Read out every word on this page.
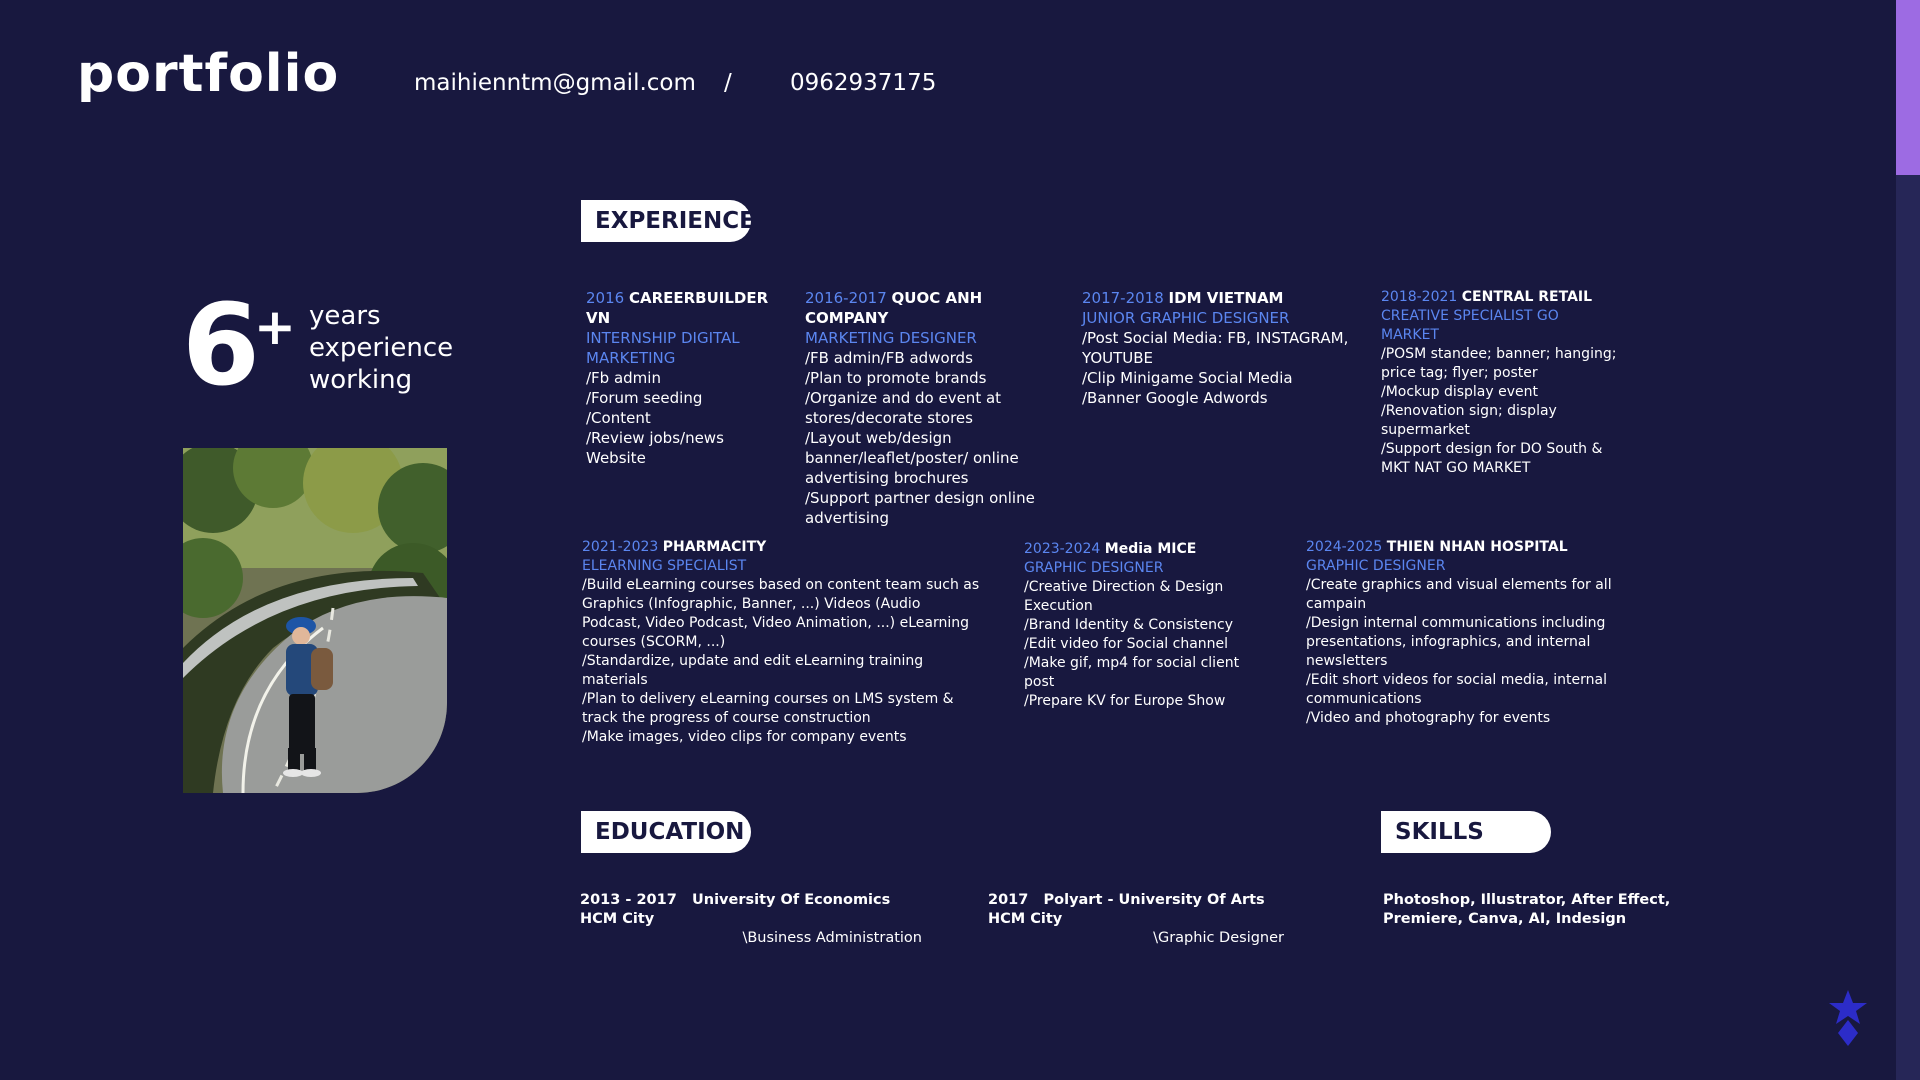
portfolio	maihienntm@gmail.com /	0962937175
6
+ years
experience
working
EXPERIENCE
2016 CAREERBUILDER VN
INTERNSHIP DIGITAL MARKETING
/Fb admin
/Forum seeding
/Content
/Review jobs/news Website
2016-2017 QUOC ANH COMPANY
MARKETING DESIGNER
/FB admin/FB adwords
/Plan to promote brands
/Organize and do event at stores/decorate stores
/Layout web/design banner/leaflet/poster/ online advertising brochures
/Support partner design online advertising
2017-2018 IDM VIETNAM
JUNIOR GRAPHIC DESIGNER
/Post Social Media: FB, INSTAGRAM, YOUTUBE
/Clip Minigame Social Media
/Banner Google Adwords
2018-2021 CENTRAL RETAIL
CREATIVE SPECIALIST GO MARKET
/POSM standee; banner; hanging; price tag; flyer; poster
/Mockup display event
/Renovation sign; display supermarket
/Support design for DO South & MKT NAT GO MARKET
2021-2023 PHARMACITY
ELEARNING SPECIALIST
/Build eLearning courses based on content team such as Graphics (Infographic, Banner, ...) Videos (Audio Podcast, Video Podcast, Video Animation, ...) eLearning courses (SCORM, ...)
/Standardize, update and edit eLearning training materials
/Plan to delivery eLearning courses on LMS system & track the progress of course construction
/Make images, video clips for company events
2023-2024 Media MICE
GRAPHIC DESIGNER
/Creative Direction & Design Execution
/Brand Identity & Consistency
/Edit video for Social channel
/Make gif, mp4 for social client post
/Prepare KV for Europe Show
2024-2025 THIEN NHAN HOSPITAL
GRAPHIC DESIGNER
/Create graphics and visual elements for all campain
/Design internal communications including presentations, infographics, and internal newsletters
/Edit short videos for social media, internal communications
/Video and photography for events
EDUCATION
2013 - 2017 University Of Economics HCM City
\Business Administration
2017 Polyart - University Of Arts HCM City
\Graphic Designer
SKILLS
Photoshop, Illustrator, After Effect, Premiere, Canva, AI, Indesign
